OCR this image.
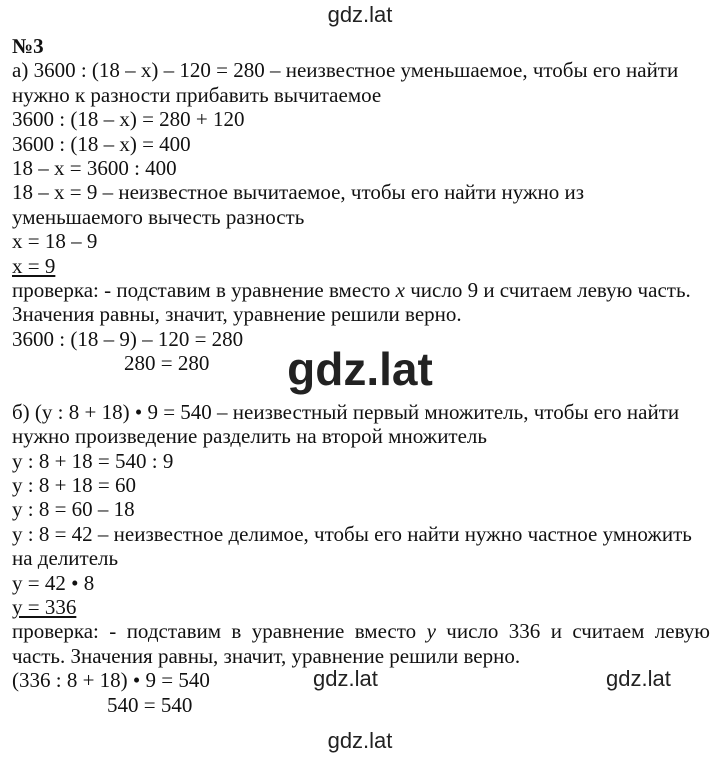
gdz.lat
gdz.lat
gdz.lat	gdz.lat
gdz.lat
№3
а) 3600 : (18 – х) – 120 = 280 – неизвестное уменьшаемое, чтобы его найти
нужно к разности прибавить вычитаемое
3600 : (18 – х) = 280 + 120
3600 : (18 – х) = 400
18 – х = 3600 : 400
18 – х = 9 – неизвестное вычитаемое, чтобы его найти нужно из
уменьшаемого вычесть разность
х = 18 – 9
х = 9
проверка: - подставим в уравнение вместо х число 9 и считаем левую часть.
Значения равны, значит, уравнение решили верно.
3600 : (18 – 9) – 120 = 280
280 = 280
б) (у : 8 + 18) • 9 = 540 – неизвестный первый множитель, чтобы его найти
нужно произведение разделить на второй множитель
у : 8 + 18 = 540 : 9
у : 8 + 18 = 60
у : 8 = 60 – 18
у : 8 = 42 – неизвестное делимое, чтобы его найти нужно частное умножить
на делитель
у = 42 • 8
у = 336
проверка: - подставим в уравнение вместо у число 336 и считаем левую
часть. Значения равны, значит, уравнение решили верно.
(336 : 8 + 18) • 9 = 540
540 = 540
